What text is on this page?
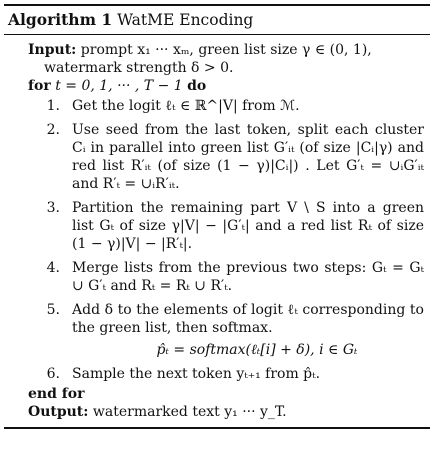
Algorithm 1 WatME Encoding
Input: prompt x₁ ··· xₘ, green list size γ ∈ (0, 1), watermark strength δ > 0.
for t = 0, 1, ··· , T − 1 do
1. Get the logit ℓₜ ∈ ℝ^|V| from ℳ.
2. Use seed from the last token, split each cluster Cᵢ in parallel into green list G′ᵢₜ (of size |Cᵢ|γ) and red list R′ᵢₜ (of size (1 − γ)|Cᵢ|) . Let G′ₜ = ∪ᵢG′ᵢₜ and R′ₜ = ∪ᵢR′ᵢₜ.
3. Partition the remaining part V \ S into a green list Gₜ of size γ|V| − |G′ₜ| and a red list Rₜ of size (1 − γ)|V| − |R′ₜ|.
4. Merge lists from the previous two steps: Gₜ = Gₜ ∪ G′ₜ and Rₜ = Rₜ ∪ R′ₜ.
5. Add δ to the elements of logit ℓₜ corresponding to the green list, then softmax.
p̂ₜ = softmax(ℓₜ[i] + δ), i ∈ Gₜ
6. Sample the next token yₜ₊₁ from p̂ₜ.
end for
Output: watermarked text y₁ ··· y_T.
